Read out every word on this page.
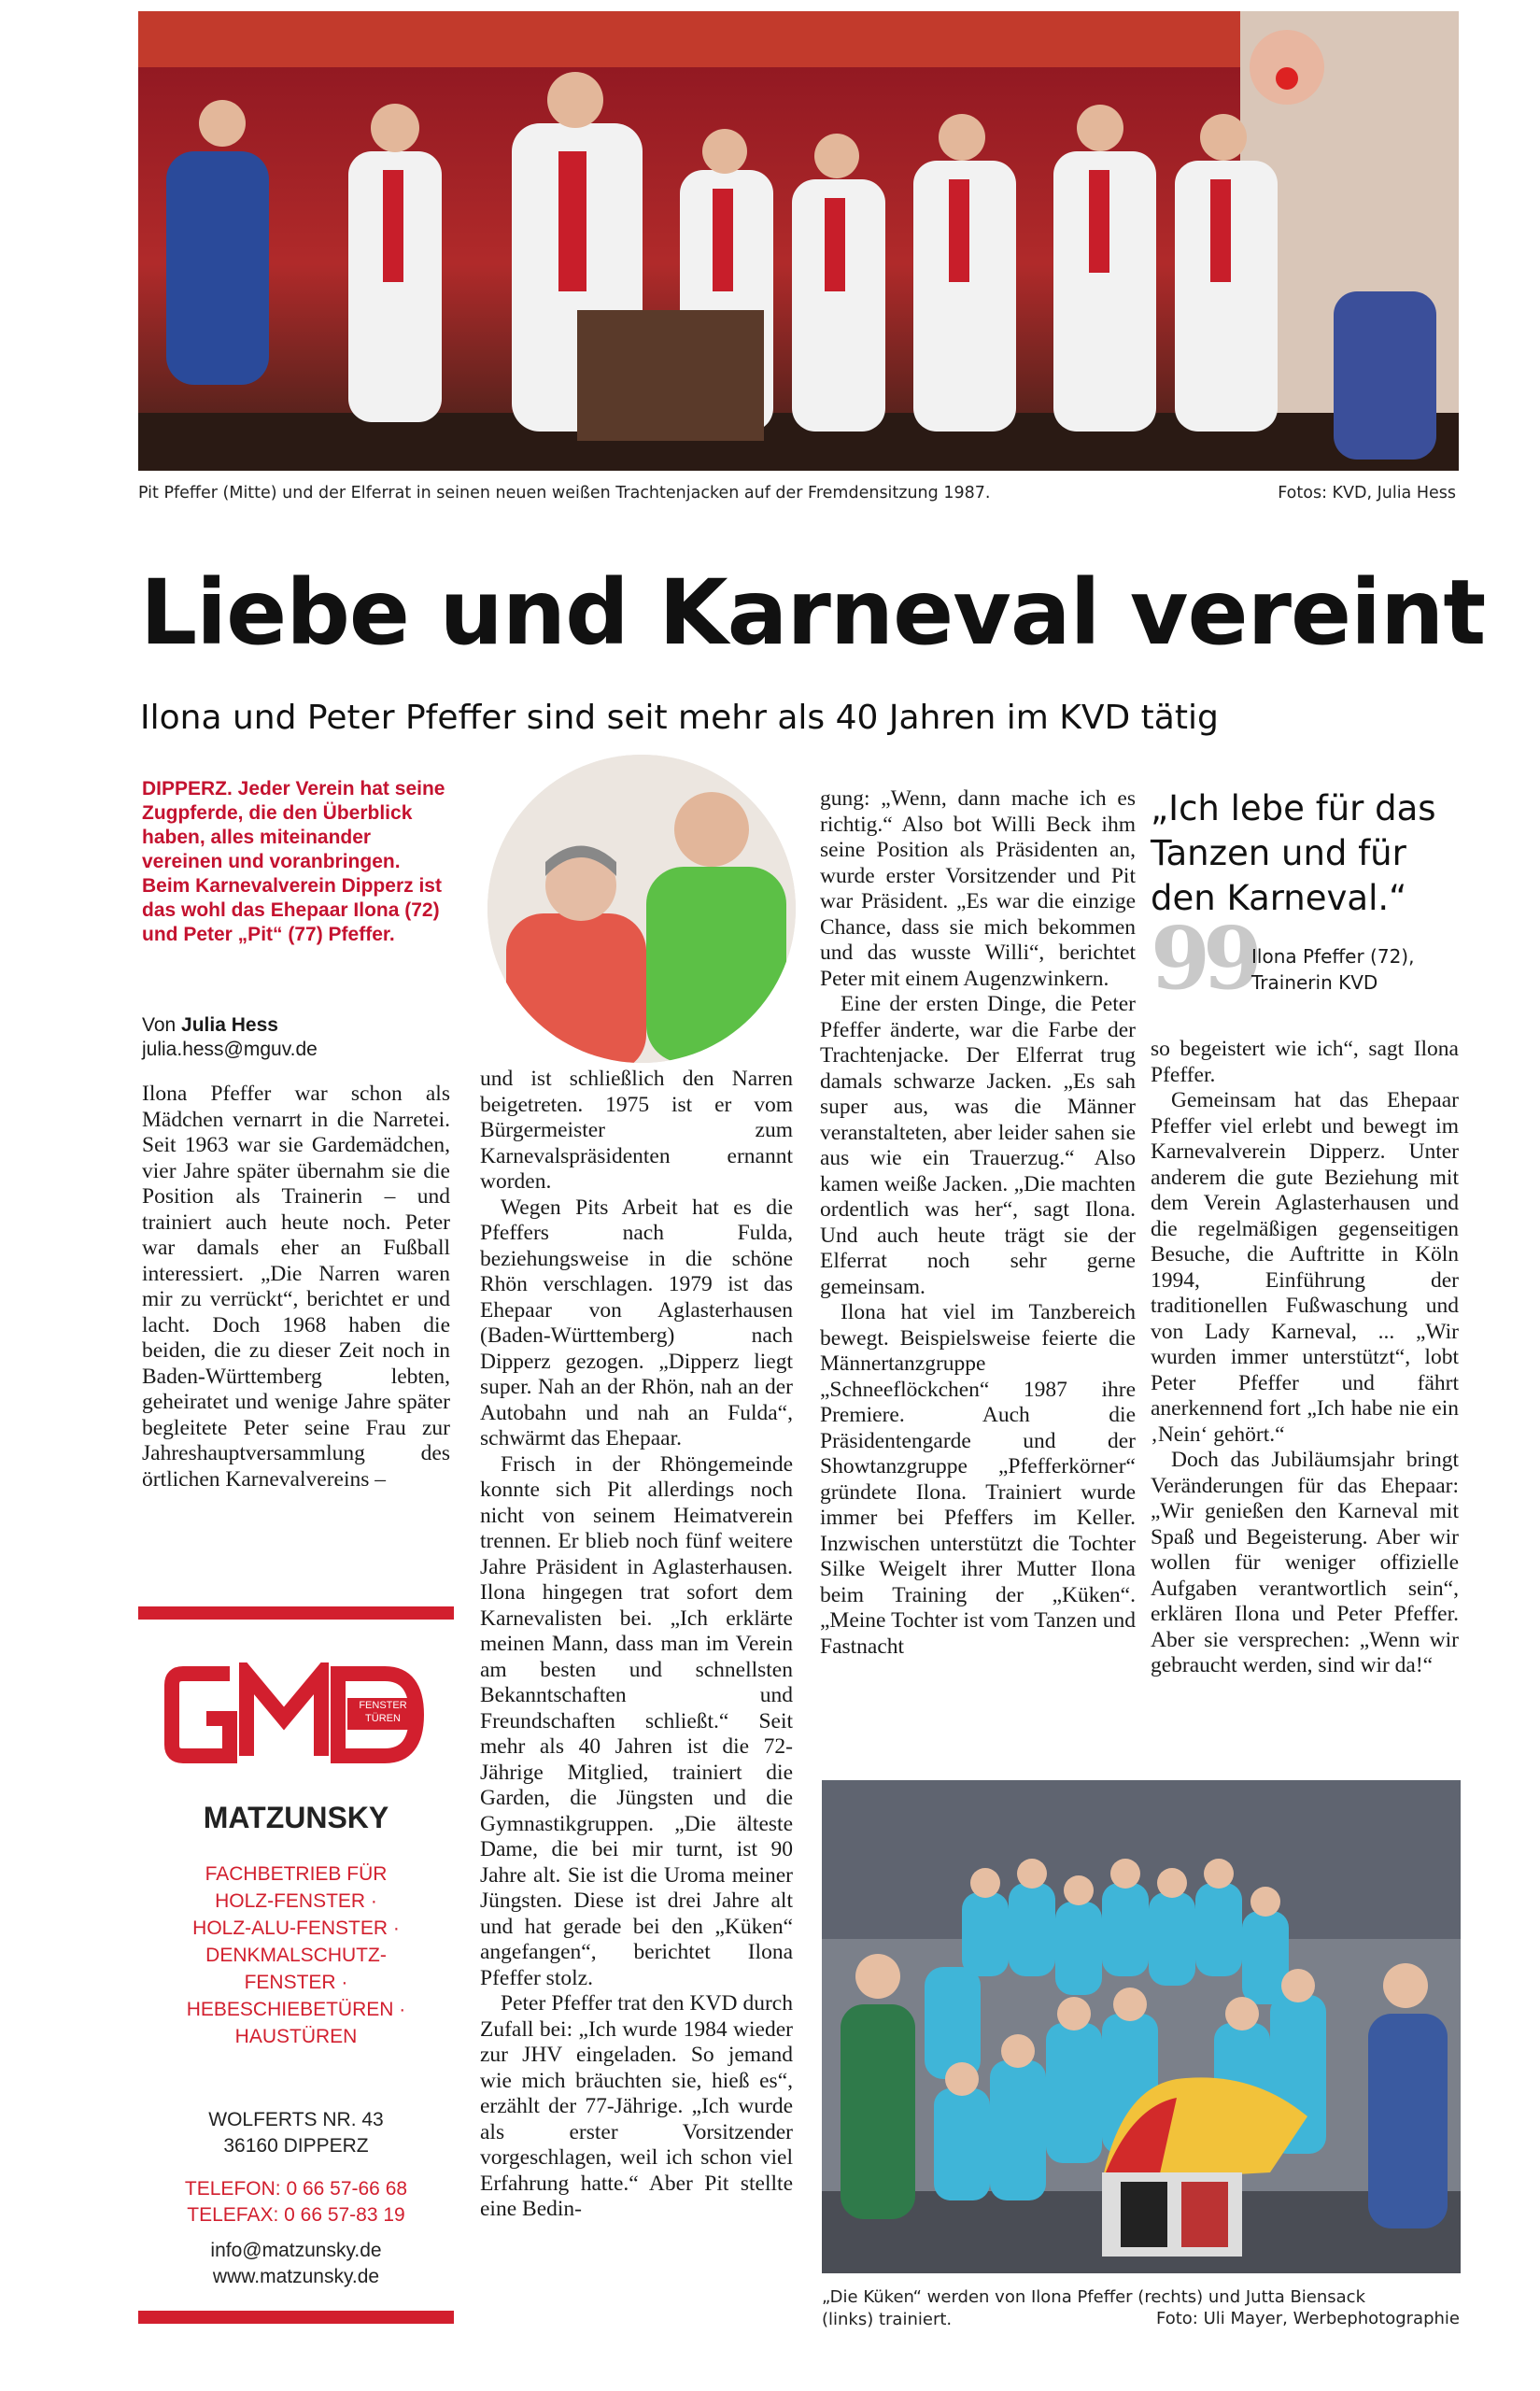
Pit Pfeffer (Mitte) und der Elferrat in seinen neuen weißen Trachtenjacken auf der Fremdensitzung 1987.	Fotos: KVD, Julia Hess
Liebe und Karneval vereint
Ilona und Peter Pfeffer sind seit mehr als 40 Jahren im KVD tätig
DIPPERZ. Jeder Verein hat seine Zugpferde, die den Überblick haben, alles miteinander vereinen und voranbringen. Beim Karnevalverein Dipperz ist das wohl das Ehepaar Ilona (72) und Peter „Pit“ (77) Pfeffer.
Von Julia Hess
julia.hess@mguv.de

Ilona Pfeffer war schon als Mädchen vernarrt in die Narretei. Seit 1963 war sie Gardemädchen, vier Jahre später übernahm sie die Position als Trainerin – und trainiert auch heute noch. Peter war damals eher an Fußball interessiert. „Die Narren waren mir zu verrückt“, berichtet er und lacht. Doch 1968 haben die beiden, die zu dieser Zeit noch in Baden-Württemberg lebten, geheiratet und wenige Jahre später begleitete Peter seine Frau zur Jahreshauptversammlung des örtlichen Karnevalvereins –

und ist schließlich den Narren beigetreten. 1975 ist er vom Bürgermeister zum Karnevalspräsidenten ernannt worden.

Wegen Pits Arbeit hat es die Pfeffers nach Fulda, beziehungsweise in die schöne Rhön verschlagen. 1979 ist das Ehepaar von Aglasterhausen (Baden-Württemberg) nach Dipperz gezogen. „Dipperz liegt super. Nah an der Rhön, nah an der Autobahn und nah an Fulda“, schwärmt das Ehepaar.

Frisch in der Rhöngemeinde konnte sich Pit allerdings noch nicht von seinem Heimatverein trennen. Er blieb noch fünf weitere Jahre Präsident in Aglasterhausen. Ilona hingegen trat sofort dem Karnevalisten bei. „Ich erklärte meinen Mann, dass man im Verein am besten und schnellsten Bekanntschaften und Freundschaften schließt.“ Seit mehr als 40 Jahren ist die 72-Jährige Mitglied, trainiert die Garden, die Jüngsten und die Gymnastikgruppen. „Die älteste Dame, die bei mir turnt, ist 90 Jahre alt. Sie ist die Uroma meiner Jüngsten. Diese ist drei Jahre alt und hat gerade bei den „Küken“ angefangen“, berichtet Ilona Pfeffer stolz.

Peter Pfeffer trat den KVD durch Zufall bei: „Ich wurde 1984 wieder zur JHV eingeladen. So jemand wie mich bräuchten sie, hieß es“, erzählt der 77-Jährige. „Ich wurde als erster Vorsitzender vorgeschlagen, weil ich schon viel Erfahrung hatte.“ Aber Pit stellte eine Bedin-

gung: „Wenn, dann mache ich es richtig.“ Also bot Willi Beck ihm seine Position als Präsidenten an, wurde erster Vorsitzender und Pit war Präsident. „Es war die einzige Chance, dass sie mich bekommen und das wusste Willi“, berichtet Peter mit einem Augenzwinkern.

Eine der ersten Dinge, die Peter Pfeffer änderte, war die Farbe der Trachtenjacke. Der Elferrat trug damals schwarze Jacken. „Es sah super aus, was die Männer veranstalteten, aber leider sahen sie aus wie ein Trauerzug.“ Also kamen weiße Jacken. „Die machten ordentlich was her“, sagt Ilona. Und auch heute trägt sie der Elferrat noch sehr gerne gemeinsam.

Ilona hat viel im Tanzbereich bewegt. Beispielsweise feierte die Männertanzgruppe „Schneeflöckchen“ 1987 ihre Premiere. Auch die Präsidentengarde und der Showtanzgruppe „Pfefferkörner“ gründete Ilona. Trainiert wurde immer bei Pfeffers im Keller. Inzwischen unterstützt die Tochter Silke Weigelt ihrer Mutter Ilona beim Training der „Küken“. „Meine Tochter ist vom Tanzen und Fastnacht

„Ich lebe für das Tanzen und für den Karneval.“
99
Ilona Pfeffer (72),
Trainerin KVD

so begeistert wie ich“, sagt Ilona Pfeffer.

Gemeinsam hat das Ehepaar Pfeffer viel erlebt und bewegt im Karnevalverein Dipperz. Unter anderem die gute Beziehung mit dem Verein Aglasterhausen und die regelmäßigen gegenseitigen Besuche, die Auftritte in Köln 1994, Einführung der traditionellen Fußwaschung und von Lady Karneval, ... „Wir wurden immer unterstützt“, lobt Peter Pfeffer und fährt anerkennend fort „Ich habe nie ein ‚Nein‘ gehört.“

Doch das Jubiläumsjahr bringt Veränderungen für das Ehepaar: „Wir genießen den Karneval mit Spaß und Begeisterung. Aber wir wollen für weniger offizielle Aufgaben verantwortlich sein“, erklären Ilona und Peter Pfeffer. Aber sie versprechen: „Wenn wir gebraucht werden, sind wir da!“

FENSTER
TÜREN
MATZUNSKY
FACHBETRIEB FÜR
HOLZ-FENSTER ·
HOLZ-ALU-FENSTER ·
DENKMALSCHUTZ-
FENSTER ·
HEBESCHIEBETÜREN ·
HAUSTÜREN
WOLFERTS NR. 43
36160 DIPPERZ
TELEFON: 0 66 57-66 68
TELEFAX: 0 66 57-83 19
info@matzunsky.de
www.matzunsky.de
„Die Küken“ werden von Ilona Pfeffer (rechts) und Jutta Biensack
(links) trainiert.	Foto: Uli Mayer, Werbephotographie
